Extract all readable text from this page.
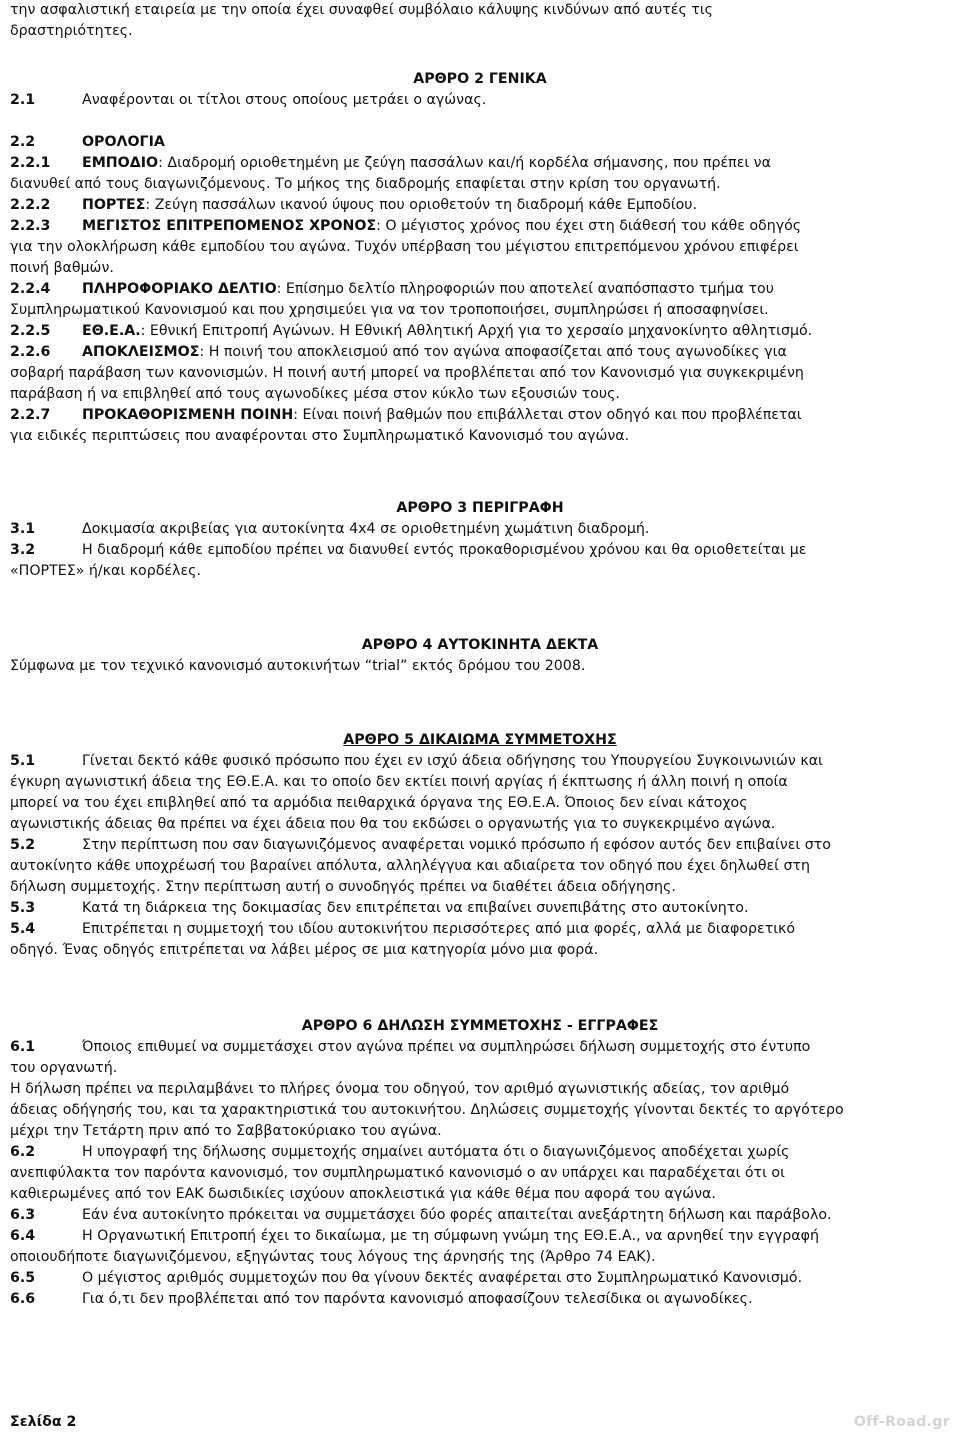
την ασφαλιστική εταιρεία με την οποία έχει συναφθεί συμβόλαιο κάλυψης κινδύνων από αυτές τις
δραστηριότητες.
ΑΡΘΡΟ 2 ΓΕΝΙΚΑ
2.1	Αναφέρονται οι τίτλοι στους οποίους μετράει ο αγώνας.
2.2	ΟΡΟΛΟΓΙΑ
2.2.1 ΕΜΠΟΔΙΟ: Διαδρομή οριοθετημένη με ζεύγη πασσάλων και/ή κορδέλα σήμανσης, που πρέπει να
διανυθεί από τους διαγωνιζόμενους. Το μήκος της διαδρομής επαφίεται στην κρίση του οργανωτή.
2.2.2 ΠΟΡΤΕΣ: Ζεύγη πασσάλων ικανού ύψους που οριοθετούν τη διαδρομή κάθε Εμποδίου.
2.2.3 ΜΕΓΙΣΤΟΣ ΕΠΙΤΡΕΠΟΜΕΝΟΣ ΧΡΟΝΟΣ: Ο μέγιστος χρόνος που έχει στη διάθεσή του κάθε οδηγός
για την ολοκλήρωση κάθε εμποδίου του αγώνα. Τυχόν υπέρβαση του μέγιστου επιτρεπόμενου χρόνου επιφέρει
ποινή βαθμών.
2.2.4 ΠΛΗΡΟΦΟΡΙΑΚΟ ΔΕΛΤΙΟ: Επίσημο δελτίο πληροφοριών που αποτελεί αναπόσπαστο τμήμα του
Συμπληρωματικού Κανονισμού και που χρησιμεύει για να τον τροποποιήσει, συμπληρώσει ή αποσαφηνίσει.
2.2.5 ΕΘ.Ε.Α.: Εθνική Επιτροπή Αγώνων. Η Εθνική Αθλητική Αρχή για το χερσαίο μηχανοκίνητο αθλητισμό.
2.2.6 ΑΠΟΚΛΕΙΣΜΟΣ: Η ποινή του αποκλεισμού από τον αγώνα αποφασίζεται από τους αγωνοδίκες για
σοβαρή παράβαση των κανονισμών. Η ποινή αυτή μπορεί να προβλέπεται από τον Κανονισμό για συγκεκριμένη
παράβαση ή να επιβληθεί από τους αγωνοδίκες μέσα στον κύκλο των εξουσιών τους.
2.2.7 ΠΡΟΚΑΘΟΡΙΣΜΕΝΗ ΠΟΙΝΗ: Είναι ποινή βαθμών που επιβάλλεται στον οδηγό και που προβλέπεται
για ειδικές περιπτώσεις που αναφέρονται στο Συμπληρωματικό Κανονισμό του αγώνα.
ΑΡΘΡΟ 3 ΠΕΡΙΓΡΑΦΗ
3.1	Δοκιμασία ακριβείας για αυτοκίνητα 4x4 σε οριοθετημένη χωμάτινη διαδρομή.
3.2	Η διαδρομή κάθε εμποδίου πρέπει να διανυθεί εντός προκαθορισμένου χρόνου και θα οριοθετείται με
«ΠΟΡΤΕΣ» ή/και κορδέλες.
ΑΡΘΡΟ 4 ΑΥΤΟΚΙΝΗΤΑ ΔΕΚΤΑ
Σύμφωνα με τον τεχνικό κανονισμό αυτοκινήτων “trial” εκτός δρόμου του 2008.
ΑΡΘΡΟ 5 ΔΙΚΑΙΩΜΑ ΣΥΜΜΕΤΟΧΗΣ
5.1	Γίνεται δεκτό κάθε φυσικό πρόσωπο που έχει εν ισχύ άδεια οδήγησης του Υπουργείου Συγκοινωνιών και
έγκυρη αγωνιστική άδεια της ΕΘ.Ε.Α. και το οποίο δεν εκτίει ποινή αργίας ή έκπτωσης ή άλλη ποινή η οποία
μπορεί να του έχει επιβληθεί από τα αρμόδια πειθαρχικά όργανα της ΕΘ.Ε.Α. Όποιος δεν είναι κάτοχος
αγωνιστικής άδειας θα πρέπει να έχει άδεια που θα του εκδώσει ο οργανωτής για το συγκεκριμένο αγώνα.
5.2	Στην περίπτωση που σαν διαγωνιζόμενος αναφέρεται νομικό πρόσωπο ή εφόσον αυτός δεν επιβαίνει στο
αυτοκίνητο κάθε υποχρέωσή του βαραίνει απόλυτα, αλληλέγγυα και αδιαίρετα τον οδηγό που έχει δηλωθεί στη
δήλωση συμμετοχής. Στην περίπτωση αυτή ο συνοδηγός πρέπει να διαθέτει άδεια οδήγησης.
5.3	Κατά τη διάρκεια της δοκιμασίας δεν επιτρέπεται να επιβαίνει συνεπιβάτης στο αυτοκίνητο.
5.4	Επιτρέπεται η συμμετοχή του ιδίου αυτοκινήτου περισσότερες από μια φορές, αλλά με διαφορετικό
οδηγό. Ένας οδηγός επιτρέπεται να λάβει μέρος σε μια κατηγορία μόνο μια φορά.
ΑΡΘΡΟ 6 ΔΗΛΩΣΗ ΣΥΜΜΕΤΟΧΗΣ - ΕΓΓΡΑΦΕΣ
6.1	Όποιος επιθυμεί να συμμετάσχει στον αγώνα πρέπει να συμπληρώσει δήλωση συμμετοχής στο έντυπο
του οργανωτή.
Η δήλωση πρέπει να περιλαμβάνει το πλήρες όνομα του οδηγού, τον αριθμό αγωνιστικής αδείας, τον αριθμό
άδειας οδήγησής του, και τα χαρακτηριστικά του αυτοκινήτου. Δηλώσεις συμμετοχής γίνονται δεκτές το αργότερο
μέχρι την Τετάρτη πριν από το Σαββατοκύριακο του αγώνα.
6.2	Η υπογραφή της δήλωσης συμμετοχής σημαίνει αυτόματα ότι ο διαγωνιζόμενος αποδέχεται χωρίς
ανεπιφύλακτα τον παρόντα κανονισμό, τον συμπληρωματικό κανονισμό ο αν υπάρχει και παραδέχεται ότι οι
καθιερωμένες από τον ΕΑΚ δωσιδικίες ισχύουν αποκλειστικά για κάθε θέμα που αφορά του αγώνα.
6.3	Εάν ένα αυτοκίνητο πρόκειται να συμμετάσχει δύο φορές απαιτείται ανεξάρτητη δήλωση και παράβολο.
6.4	Η Οργανωτική Επιτροπή έχει το δικαίωμα, με τη σύμφωνη γνώμη της ΕΘ.Ε.Α., να αρνηθεί την εγγραφή
οποιουδήποτε διαγωνιζόμενου, εξηγώντας τους λόγους της άρνησής της (Άρθρο 74 ΕΑΚ).
6.5	Ο μέγιστος αριθμός συμμετοχών που θα γίνουν δεκτές αναφέρεται στο Συμπληρωματικό Κανονισμό.
6.6	Για ό,τι δεν προβλέπεται από τον παρόντα κανονισμό αποφασίζουν τελεσίδικα οι αγωνοδίκες.
Σελίδα 2	Off-Road.gr
